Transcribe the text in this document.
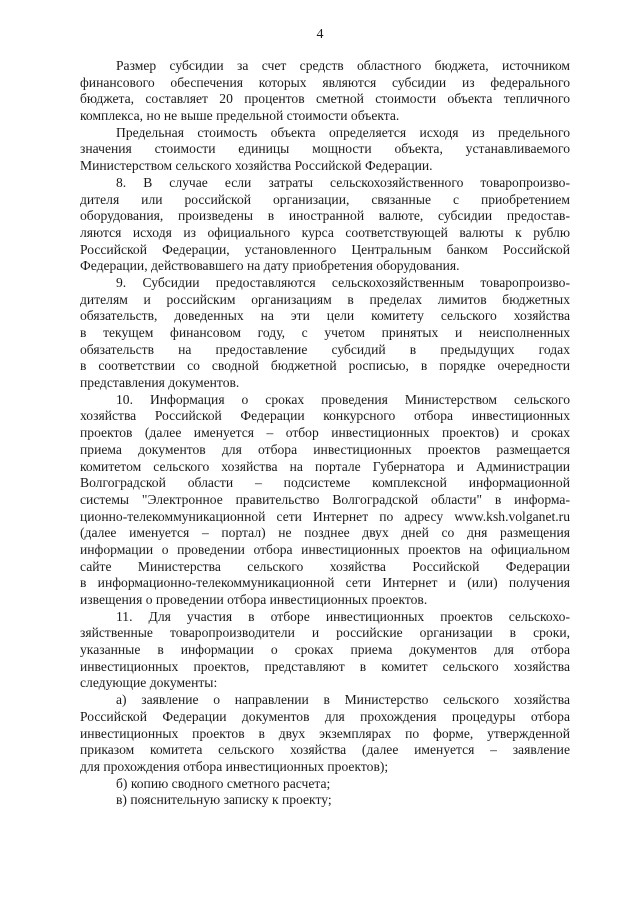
4
Размер субсидии за счет средств областного бюджета, источником
финансового обеспечения которых являются субсидии из федерального
бюджета, составляет 20 процентов сметной стоимости объекта тепличного
комплекса, но не выше предельной стоимости объекта.
Предельная стоимость объекта определяется исходя из предельного
значения стоимости единицы мощности объекта, устанавливаемого
Министерством сельского хозяйства Российской Федерации.
8. В случае если затраты сельскохозяйственного товаропроизво-
дителя или российской организации, связанные с приобретением
оборудования, произведены в иностранной валюте, субсидии предостав-
ляются исходя из официального курса соответствующей валюты к рублю
Российской Федерации, установленного Центральным банком Российской
Федерации, действовавшего на дату приобретения оборудования.
9. Субсидии предоставляются сельскохозяйственным товаропроизво-
дителям и российским организациям в пределах лимитов бюджетных
обязательств, доведенных на эти цели комитету сельского хозяйства
в текущем финансовом году, с учетом принятых и неисполненных
обязательств на предоставление субсидий в предыдущих годах
в соответствии со сводной бюджетной росписью, в порядке очередности
представления документов.
10. Информация о сроках проведения Министерством сельского
хозяйства Российской Федерации конкурсного отбора инвестиционных
проектов (далее именуется – отбор инвестиционных проектов) и сроках
приема документов для отбора инвестиционных проектов размещается
комитетом сельского хозяйства на портале Губернатора и Администрации
Волгоградской области – подсистеме комплексной информационной
системы "Электронное правительство Волгоградской области" в информа-
ционно-телекоммуникационной сети Интернет по адресу www.ksh.volganet.ru
(далее именуется – портал) не позднее двух дней со дня размещения
информации о проведении отбора инвестиционных проектов на официальном
сайте Министерства сельского хозяйства Российской Федерации
в информационно-телекоммуникационной сети Интернет и (или) получения
извещения о проведении отбора инвестиционных проектов.
11. Для участия в отборе инвестиционных проектов сельскохо-
зяйственные товаропроизводители и российские организации в сроки,
указанные в информации о сроках приема документов для отбора
инвестиционных проектов, представляют в комитет сельского хозяйства
следующие документы:
а) заявление о направлении в Министерство сельского хозяйства
Российской Федерации документов для прохождения процедуры отбора
инвестиционных проектов в двух экземплярах по форме, утвержденной
приказом комитета сельского хозяйства (далее именуется – заявление
для прохождения отбора инвестиционных проектов);
б) копию сводного сметного расчета;
в) пояснительную записку к проекту;
